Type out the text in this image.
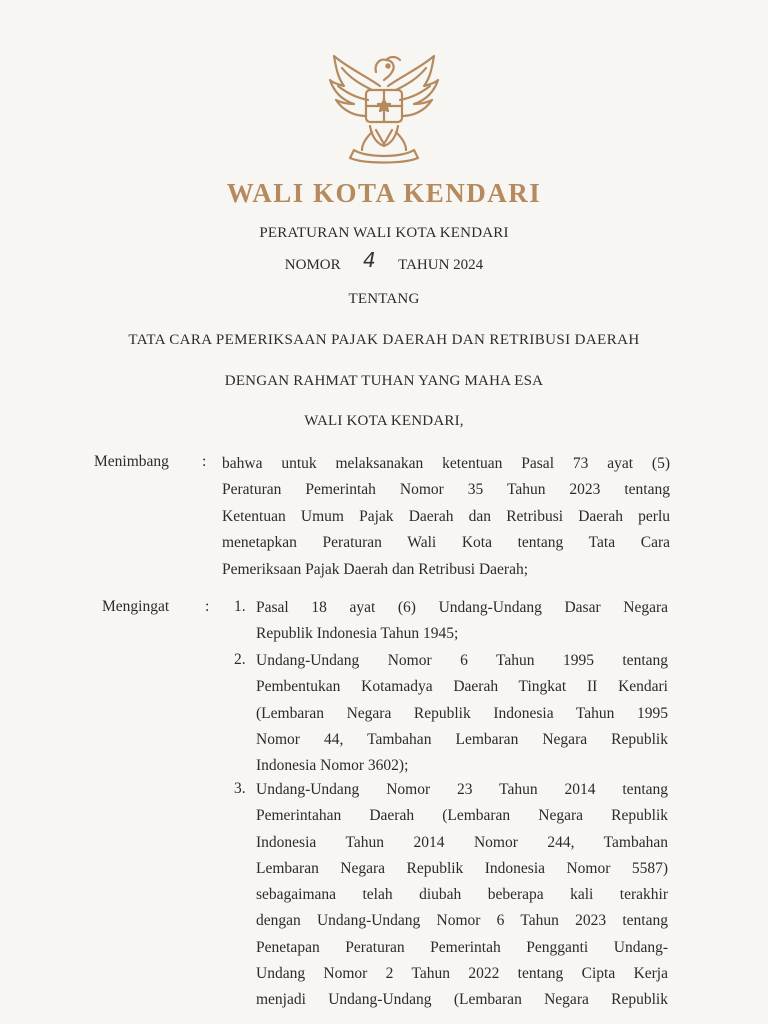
WALI KOTA KENDARI
PERATURAN WALI KOTA KENDARI
NOMOR 4 TAHUN 2024
TENTANG
TATA CARA PEMERIKSAAN PAJAK DAERAH DAN RETRIBUSI DAERAH
DENGAN RAHMAT TUHAN YANG MAHA ESA
WALI KOTA KENDARI,
Menimbang : bahwa untuk melaksanakan ketentuan Pasal 73 ayat (5)
Peraturan Pemerintah Nomor 35 Tahun 2023 tentang
Ketentuan Umum Pajak Daerah dan Retribusi Daerah perlu
menetapkan Peraturan Wali Kota tentang Tata Cara
Pemeriksaan Pajak Daerah dan Retribusi Daerah;
Mengingat : 1. Pasal 18 ayat (6) Undang-Undang Dasar Negara
Republik Indonesia Tahun 1945;
2. Undang-Undang Nomor 6 Tahun 1995 tentang
Pembentukan Kotamadya Daerah Tingkat II Kendari
(Lembaran Negara Republik Indonesia Tahun 1995
Nomor 44, Tambahan Lembaran Negara Republik
Indonesia Nomor 3602);
3. Undang-Undang Nomor 23 Tahun 2014 tentang
Pemerintahan Daerah (Lembaran Negara Republik
Indonesia Tahun 2014 Nomor 244, Tambahan
Lembaran Negara Republik Indonesia Nomor 5587)
sebagaimana telah diubah beberapa kali terakhir
dengan Undang-Undang Nomor 6 Tahun 2023 tentang
Penetapan Peraturan Pemerintah Pengganti Undang-
Undang Nomor 2 Tahun 2022 tentang Cipta Kerja
menjadi Undang-Undang (Lembaran Negara Republik
